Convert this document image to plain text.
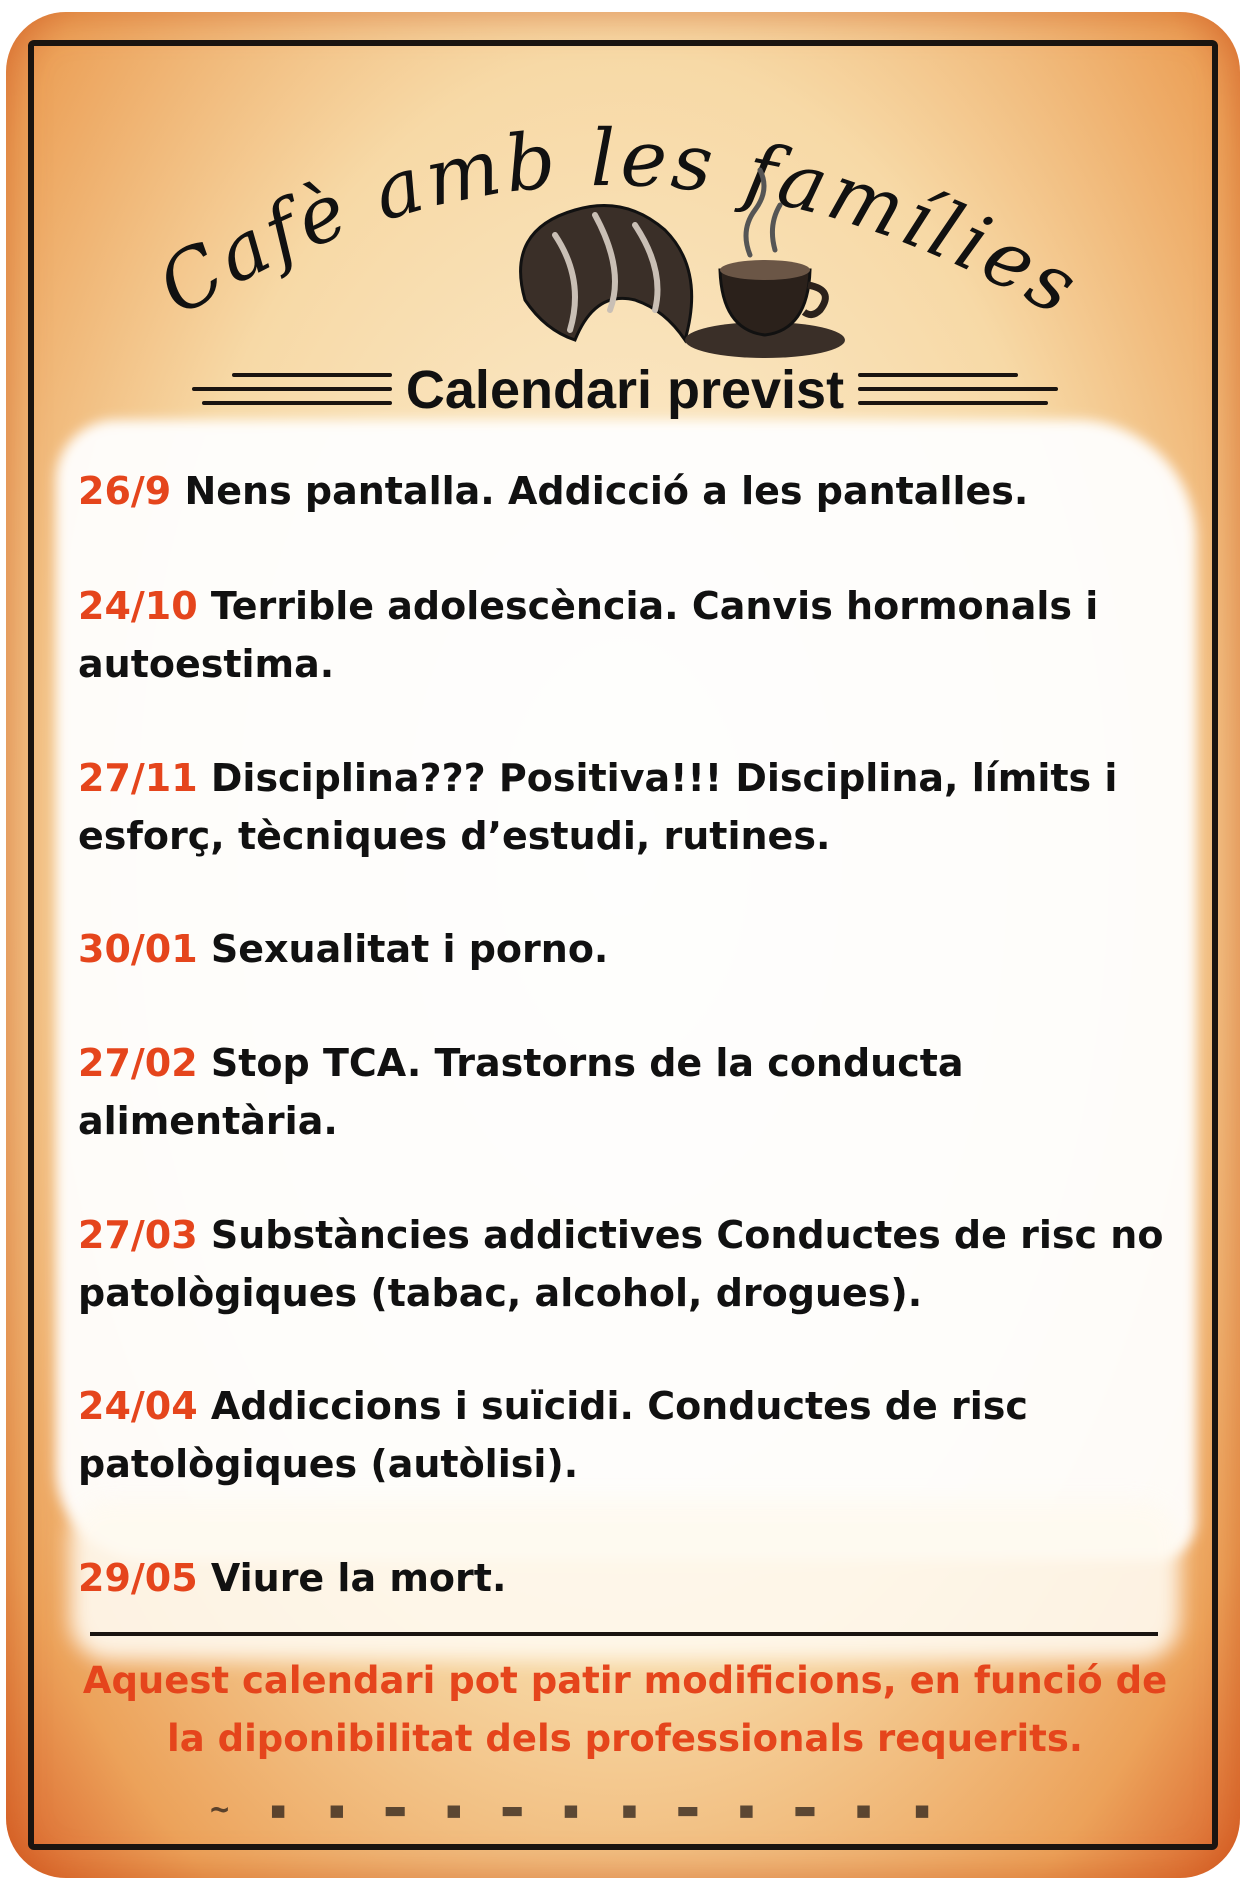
Cafè amb les famílies
Calendari previst

26/9 Nens pantalla. Addicció a les pantalles.

24/10 Terrible adolescència. Canvis hormonals i autoestima.

27/11 Disciplina??? Positiva!!! Disciplina, límits i esforç, tècniques d’estudi, rutines.

30/01 Sexualitat i porno.

27/02 Stop TCA. Trastorns de la conducta alimentària.

27/03 Substàncies addictives Conductes de risc no patològiques (tabac, alcohol, drogues).

24/04 Addiccions i suïcidi. Conductes de risc patològiques (autòlisi).

29/05 Viure la mort.

Aquest calendari pot patir modificions, en funció de la diponibilitat dels professionals requerits.
~ ▪ ▪ ▬ ▪ ▬ ▪ ▪ ▬ ▪ ▬ ▪ ▪
